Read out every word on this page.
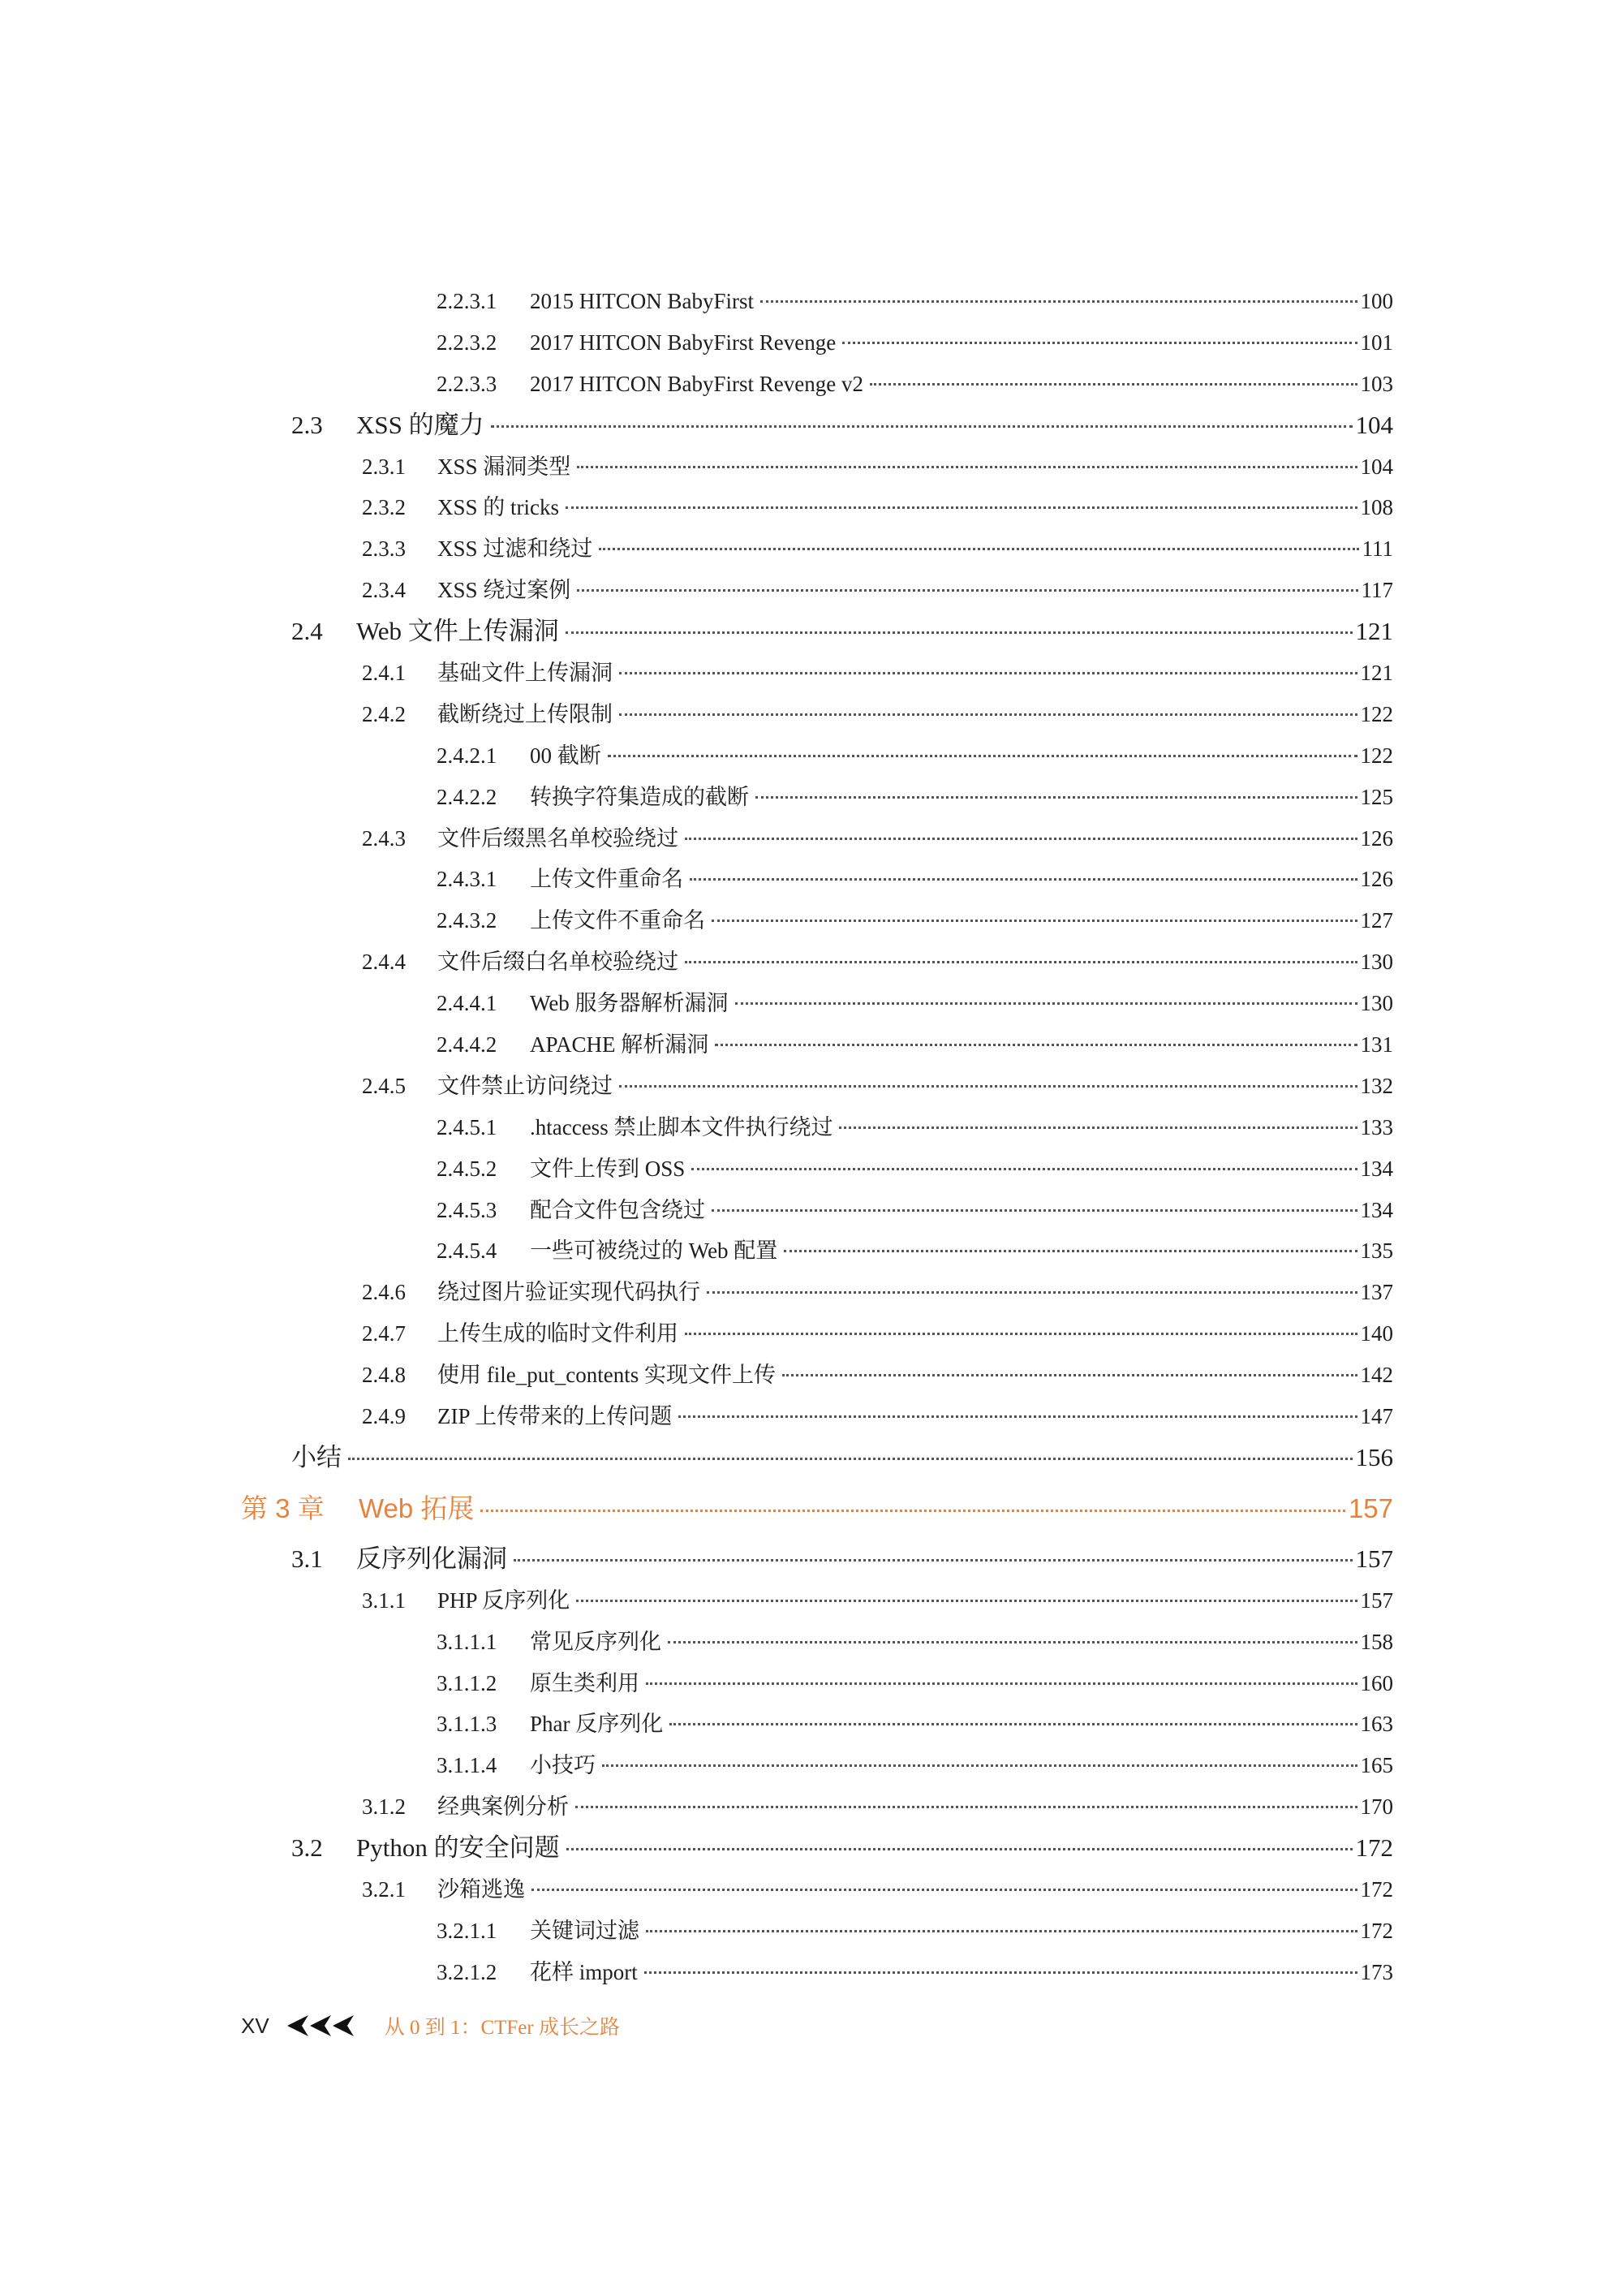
2.2.3.1	2015 HITCON BabyFirst	100
2.2.3.2	2017 HITCON BabyFirst Revenge	101
2.2.3.3	2017 HITCON BabyFirst Revenge v2	103
2.3	XSS 的魔力	104
2.3.1	XSS 漏洞类型	104
2.3.2	XSS 的 tricks	108
2.3.3	XSS 过滤和绕过	111
2.3.4	XSS 绕过案例	117
2.4	Web 文件上传漏洞	121
2.4.1	基础文件上传漏洞	121
2.4.2	截断绕过上传限制	122
2.4.2.1	00 截断	122
2.4.2.2	转换字符集造成的截断	125
2.4.3	文件后缀黑名单校验绕过	126
2.4.3.1	上传文件重命名	126
2.4.3.2	上传文件不重命名	127
2.4.4	文件后缀白名单校验绕过	130
2.4.4.1	Web 服务器解析漏洞	130
2.4.4.2	APACHE 解析漏洞	131
2.4.5	文件禁止访问绕过	132
2.4.5.1	.htaccess 禁止脚本文件执行绕过	133
2.4.5.2	文件上传到 OSS	134
2.4.5.3	配合文件包含绕过	134
2.4.5.4	一些可被绕过的 Web 配置	135
2.4.6	绕过图片验证实现代码执行	137
2.4.7	上传生成的临时文件利用	140
2.4.8	使用 file_put_contents 实现文件上传	142
2.4.9	ZIP 上传带来的上传问题	147
小结	156
第 3 章	Web 拓展	157
3.1	反序列化漏洞	157
3.1.1	PHP 反序列化	157
3.1.1.1	常见反序列化	158
3.1.1.2	原生类利用	160
3.1.1.3	Phar 反序列化	163
3.1.1.4	小技巧	165
3.1.2	经典案例分析	170
3.2	Python 的安全问题	172
3.2.1	沙箱逃逸	172
3.2.1.1	关键词过滤	172
3.2.1.2	花样 import	173
XV	从 0 到 1：CTFer 成长之路
